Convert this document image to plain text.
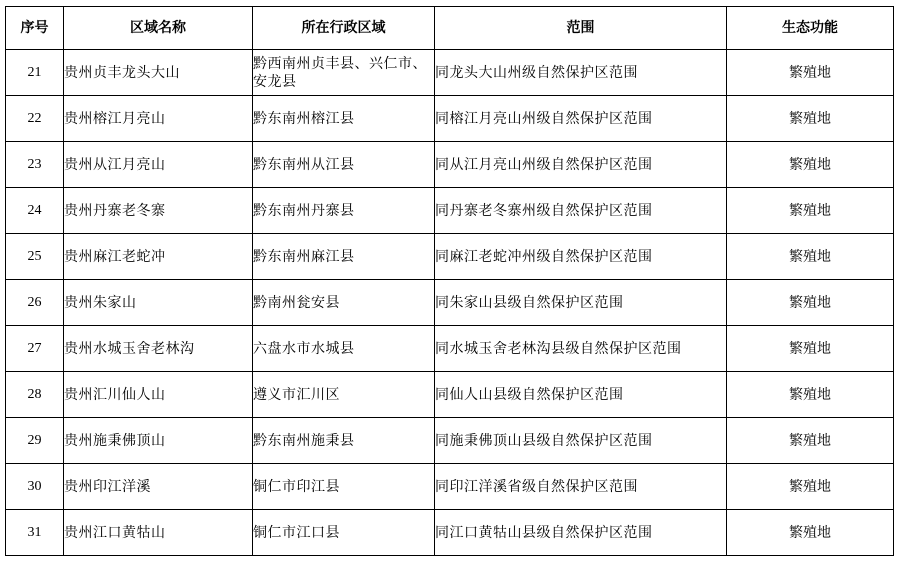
序号	区域名称	所在行政区域	范围	生态功能
21	贵州贞丰龙头大山	黔西南州贞丰县、兴仁市、安龙县	同龙头大山州级自然保护区范围	繁殖地
22	贵州榕江月亮山	黔东南州榕江县	同榕江月亮山州级自然保护区范围	繁殖地
23	贵州从江月亮山	黔东南州从江县	同从江月亮山州级自然保护区范围	繁殖地
24	贵州丹寨老冬寨	黔东南州丹寨县	同丹寨老冬寨州级自然保护区范围	繁殖地
25	贵州麻江老蛇冲	黔东南州麻江县	同麻江老蛇冲州级自然保护区范围	繁殖地
26	贵州朱家山	黔南州瓮安县	同朱家山县级自然保护区范围	繁殖地
27	贵州水城玉舍老林沟	六盘水市水城县	同水城玉舍老林沟县级自然保护区范围	繁殖地
28	贵州汇川仙人山	遵义市汇川区	同仙人山县级自然保护区范围	繁殖地
29	贵州施秉佛顶山	黔东南州施秉县	同施秉佛顶山县级自然保护区范围	繁殖地
30	贵州印江洋溪	铜仁市印江县	同印江洋溪省级自然保护区范围	繁殖地
31	贵州江口黄牯山	铜仁市江口县	同江口黄牯山县级自然保护区范围	繁殖地
